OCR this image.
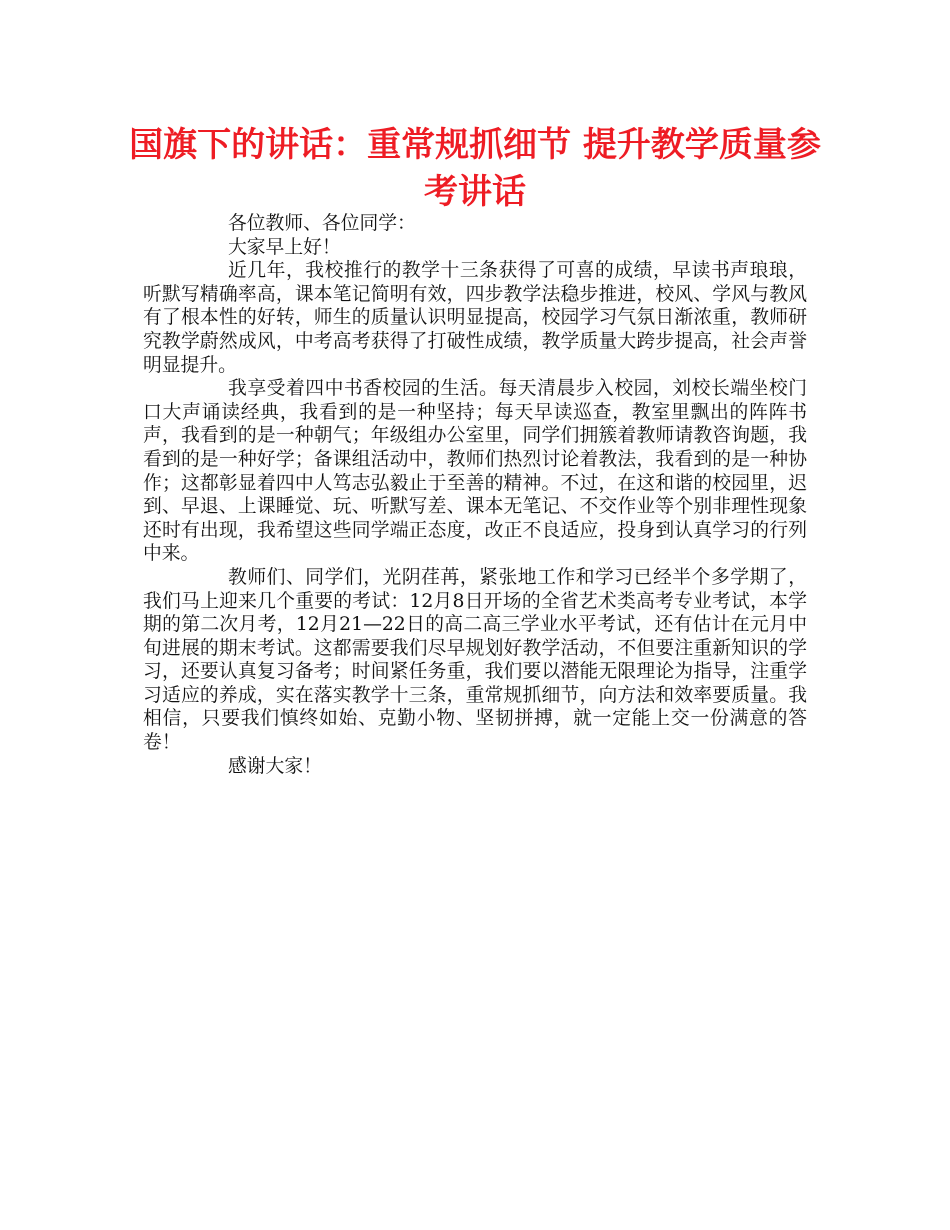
国旗下的讲话：重常规抓细节 提升教学质量参考讲话

各位教师、各位同学：

大家早上好！

近几年，我校推行的教学十三条获得了可喜的成绩，早读书声琅琅，听默写精确率高，课本笔记简明有效，四步教学法稳步推进，校风、学风与教风有了根本性的好转，师生的质量认识明显提高，校园学习气氛日渐浓重，教师研究教学蔚然成风，中考高考获得了打破性成绩，教学质量大跨步提高，社会声誉明显提升。

我享受着四中书香校园的生活。每天清晨步入校园，刘校长端坐校门口大声诵读经典，我看到的是一种坚持；每天早读巡查，教室里飘出的阵阵书声，我看到的是一种朝气；年级组办公室里，同学们拥簇着教师请教咨询题，我看到的是一种好学；备课组活动中，教师们热烈讨论着教法，我看到的是一种协作；这都彰显着四中人笃志弘毅止于至善的精神。不过，在这和谐的校园里，迟到、早退、上课睡觉、玩、听默写差、课本无笔记、不交作业等个别非理性现象还时有出现，我希望这些同学端正态度，改正不良适应，投身到认真学习的行列中来。

教师们、同学们，光阴荏苒，紧张地工作和学习已经半个多学期了，我们马上迎来几个重要的考试：12月8日开场的全省艺术类高考专业考试，本学期的第二次月考，12月21—22日的高二高三学业水平考试，还有估计在元月中旬进展的期末考试。这都需要我们尽早规划好教学活动，不但要注重新知识的学习，还要认真复习备考；时间紧任务重，我们要以潜能无限理论为指导，注重学习适应的养成，实在落实教学十三条，重常规抓细节，向方法和效率要质量。我相信，只要我们慎终如始、克勤小物、坚韧拼搏，就一定能上交一份满意的答卷！

感谢大家！
